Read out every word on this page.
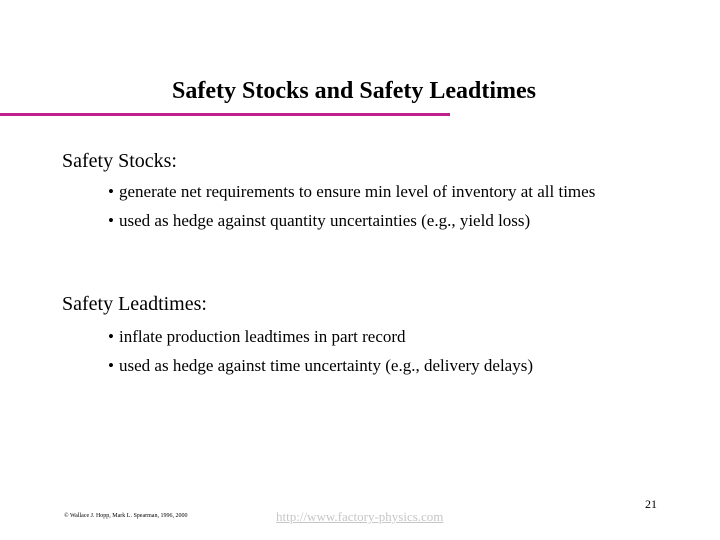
Safety Stocks and Safety Leadtimes
Safety Stocks:
• generate net requirements to ensure min level of inventory at all times
• used as hedge against quantity uncertainties (e.g., yield loss)
Safety Leadtimes:
• inflate production leadtimes in part record
• used as hedge against time uncertainty (e.g., delivery delays)
© Wallace J. Hopp, Mark L. Spearman, 1996, 2000	http://www.factory-physics.com
21
